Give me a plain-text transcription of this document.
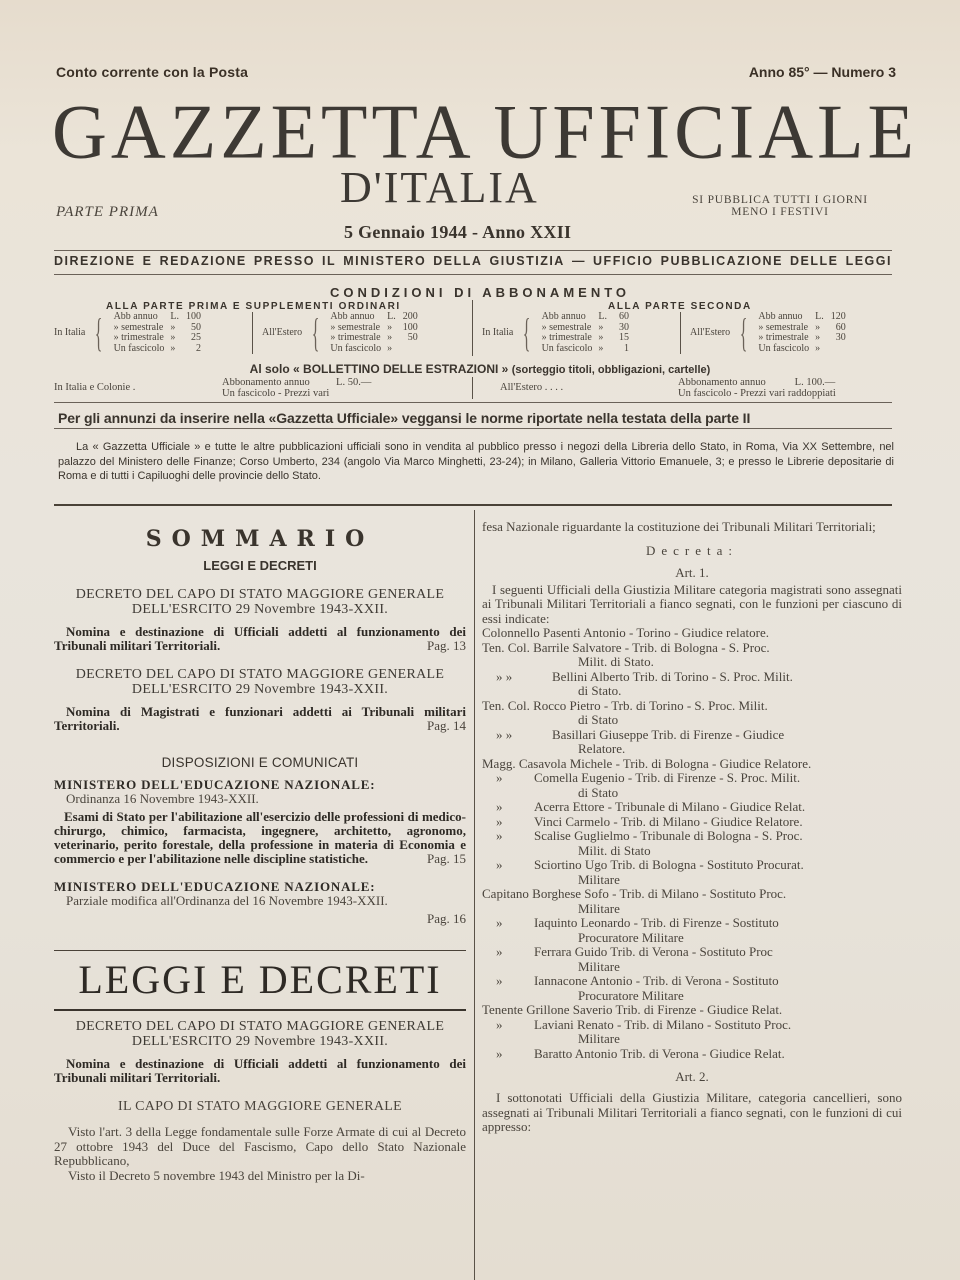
Conto corrente con la Posta	Anno 85° — Numero 3
GAZZETTA UFFICIALE
D'ITALIA
PARTE PRIMA
SI PUBBLICA TUTTI I GIORNI
MENO I FESTIVI
5 Gennaio 1944 - Anno XXII
DIREZIONE E REDAZIONE PRESSO IL MINISTERO DELLA GIUSTIZIA — UFFICIO PUBBLICAZIONE DELLE LEGGI
CONDIZIONI DI ABBONAMENTO
ALLA PARTE PRIMA E SUPPLEMENTI ORDINARI	ALLA PARTE SECONDA
In Italia { Abb annuo	L.	100
» semestrale	»	50
» trimestrale	»	25
Un fascicolo	»	2
All'Estero { Abb annuo	L.	200
» semestrale	»	100
» trimestrale	»	50
Un fascicolo	»	
In Italia { Abb annuo	L.	60
» semestrale	»	30
» trimestrale	»	15
Un fascicolo	»	1
All'Estero { Abb annuo	L.	120
» semestrale	»	60
» trimestrale	»	30
Un fascicolo	»	
Al solo « BOLLETTINO DELLE ESTRAZIONI » (sorteggio titoli, obbligazioni, cartelle)
In Italia e Colonie .	Abbonamento annuo	L. 50.—
Un fascicolo - Prezzi vari
All'Estero . . . .	Abbonamento annuo	L. 100.—
Un fascicolo - Prezzi vari raddoppiati
Per gli annunzi da inserire nella «Gazzetta Ufficiale» veggansi le norme riportate nella testata della parte II
La « Gazzetta Ufficiale » e tutte le altre pubblicazioni ufficiali sono in vendita al pubblico presso i negozi della Libreria dello Stato, in Roma, Via XX Settembre, nel palazzo del Ministero delle Finanze; Corso Umberto, 234 (angolo Via Marco Minghetti, 23-24); in Milano, Galleria Vittorio Emanuele, 3; e presso le Librerie depositarie di Roma e di tutti i Capiluoghi delle provincie dello Stato.
SOMMARIO
LEGGI E DECRETI
DECRETO DEL CAPO DI STATO MAGGIORE GENERALE DELL'ESRCITO 29 Novembre 1943-XXII.
Nomina e destinazione di Ufficiali addetti al funzionamento dei Tribunali militari Territoriali.	Pag. 13
DECRETO DEL CAPO DI STATO MAGGIORE GENERALE DELL'ESRCITO 29 Novembre 1943-XXII.
Nomina di Magistrati e funzionari addetti ai Tribunali militari Territoriali.	Pag. 14
DISPOSIZIONI E COMUNICATI
MINISTERO DELL'EDUCAZIONE NAZIONALE:
Ordinanza 16 Novembre 1943-XXII.
Esami di Stato per l'abilitazione all'esercizio delle professioni di medico-chirurgo, chimico, farmacista, ingegnere, architetto, agronomo, veterinario, perito forestale, della professione in materia di Economia e commercio e per l'abilitazione nelle discipline statistiche.	Pag. 15
MINISTERO DELL'EDUCAZIONE NAZIONALE:
Parziale modifica all'Ordinanza del 16 Novembre 1943-XXII.
Pag. 16
LEGGI E DECRETI
DECRETO DEL CAPO DI STATO MAGGIORE GENERALE DELL'ESRCITO 29 Novembre 1943-XXII.
Nomina e destinazione di Ufficiali addetti al funzionamento dei Tribunali militari Territoriali.
IL CAPO DI STATO MAGGIORE GENERALE
Visto l'art. 3 della Legge fondamentale sulle Forze Armate di cui al Decreto 27 ottobre 1943 del Duce del Fascismo, Capo dello Stato Nazionale Repubblicano,
Visto il Decreto 5 novembre 1943 del Ministro per la Di-
fesa Nazionale riguardante la costituzione dei Tribunali Militari Territoriali;
Decreta:
Art. 1.
I seguenti Ufficiali della Giustizia Militare categoria magistrati sono assegnati ai Tribunali Militari Territoriali a fianco segnati, con le funzioni per ciascuno di essi indicate:
Colonnello Pasenti Antonio - Torino - Giudice relatore.
Ten. Col. Barrile Salvatore - Trib. di Bologna - S. Proc.
Milit. di Stato.
» »	Bellini Alberto Trib. di Torino - S. Proc. Milit.
di Stato.
Ten. Col. Rocco Pietro - Trb. di Torino - S. Proc. Milit.
di Stato
» »	Basillari Giuseppe Trib. di Firenze - Giudice
Relatore.
Magg. Casavola Michele - Trib. di Bologna - Giudice Relatore.
» Comella Eugenio - Trib. di Firenze - S. Proc. Milit.
di Stato
» Acerra Ettore - Tribunale di Milano - Giudice Relat.
» Vinci Carmelo - Trib. di Milano - Giudice Relatore.
» Scalise Guglielmo - Tribunale di Bologna - S. Proc.
Milit. di Stato
» Sciortino Ugo Trib. di Bologna - Sostituto Procurat.
Militare
Capitano Borghese Sofo - Trib. di Milano - Sostituto Proc.
Militare
» Iaquinto Leonardo - Trib. di Firenze - Sostituto
Procuratore Militare
» Ferrara Guido Trib. di Verona - Sostituto Proc
Militare
» Iannacone Antonio - Trib. di Verona - Sostituto
Procuratore Militare
Tenente Grillone Saverio Trib. di Firenze - Giudice Relat.
» Laviani Renato - Trib. di Milano - Sostituto Proc.
Militare
» Baratto Antonio Trib. di Verona - Giudice Relat.
Art. 2.
I sottonotati Ufficiali della Giustizia Militare, categoria cancellieri, sono assegnati ai Tribunali Militari Territoriali a fianco segnati, con le funzioni di cui appresso:
